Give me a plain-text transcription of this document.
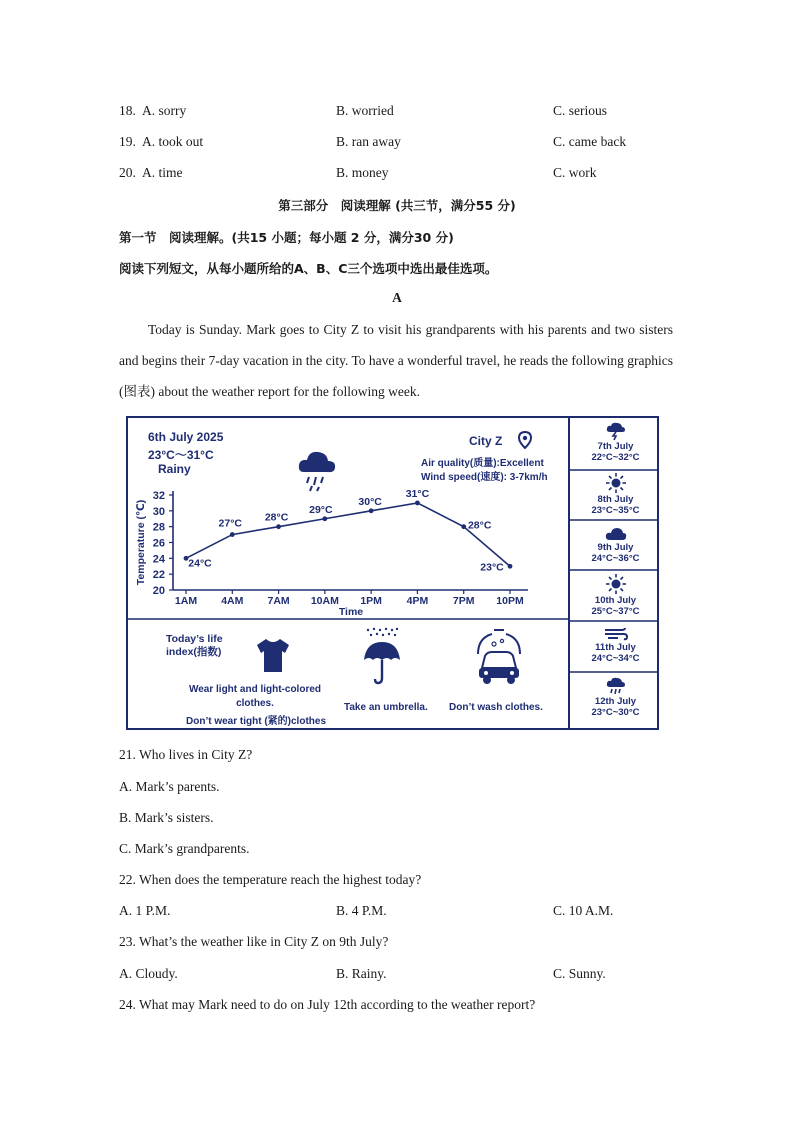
18. A. sorry	B. worried	C. serious
19. A. took out	B. ran away	C. came back
20. A. time	B. money	C. work
第三部分　阅读理解 (共三节，满分55 分)
第一节　阅读理解。(共15 小题；每小题 2 分，满分30 分)
阅读下列短文，从每小题所给的A、B、C三个选项中选出最佳选项。
A

Today is Sunday. Mark goes to City Z to visit his grandparents with his parents and two sisters and begins their 7-day vacation in the city. To have a wonderful travel, he reads the following graphics (图表) about the weather report for the following week.

6th July 2025
23°C～31°C
Rainy
City Z
Air quality(质量):Excellent
Wind speed(速度): 3-7km/h
20
22
24
26
28
30
32
1AM 4AM 7AM 10AM 1PM 4PM 7PM 10PM
Time
Temperature (℃)	24°C
27°C 28°C
29°C
30°C
31°C
28°C
23°C
Today’s life index(指数)
Wear light and light-colored
clothes.
Don’t wear tight (紧的)clothes
Take an umbrella. Don’t wash clothes.
7th July
22°C~32°C
8th July
23°C~35°C
9th July
24°C~36°C
10th July
25°C~37°C
11th July
24°C~34°C
12th July
23°C~30°C
21. Who lives in City Z?
A. Mark’s parents.
B. Mark’s sisters.
C. Mark’s grandparents.
22. When does the temperature reach the highest today?
A. 1 P.M.	B. 4 P.M.	C. 10 A.M.
23. What’s the weather like in City Z on 9th July?
A. Cloudy.	B. Rainy.	C. Sunny.
24. What may Mark need to do on July 12th according to the weather report?
